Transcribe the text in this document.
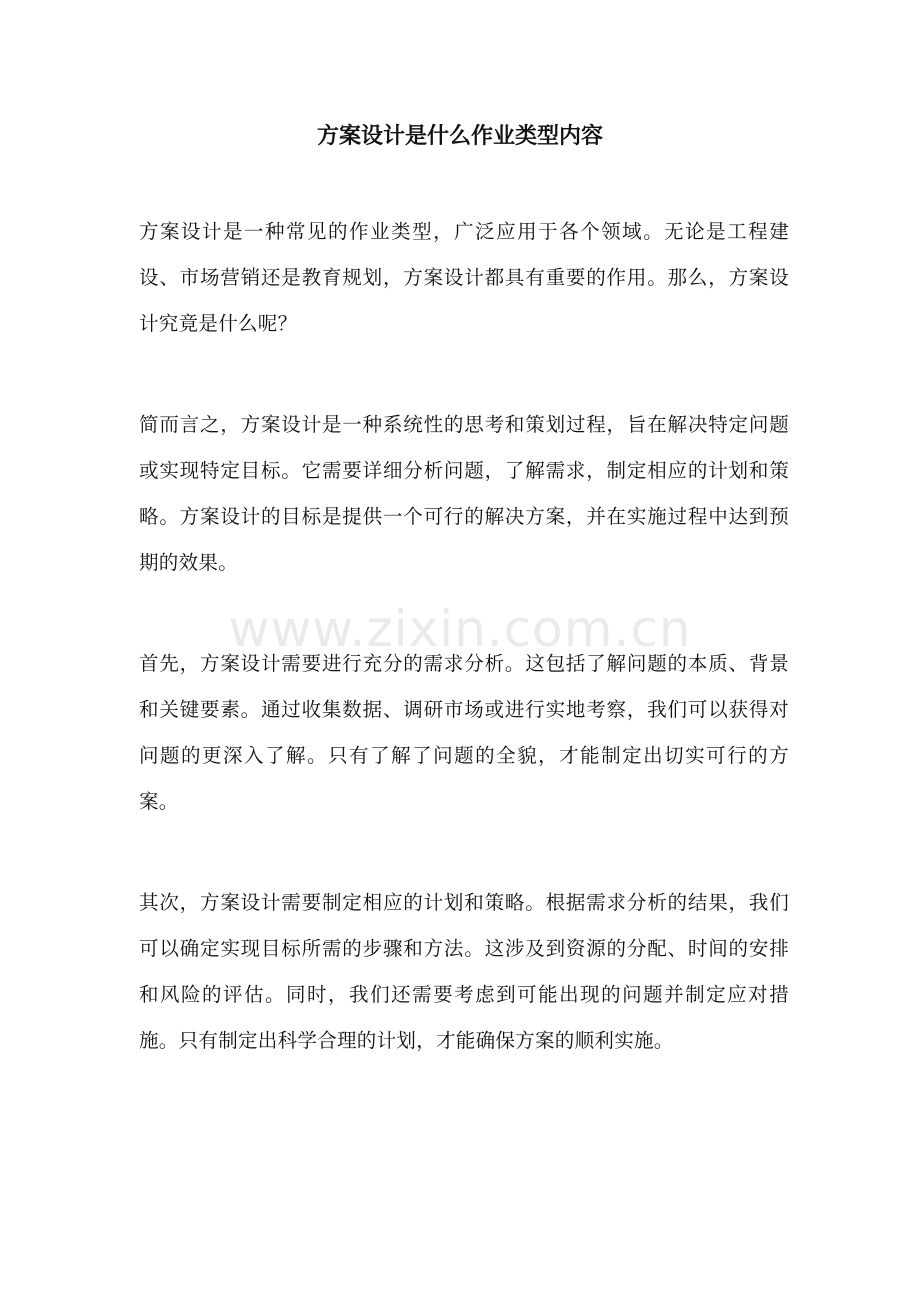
方案设计是什么作业类型内容

方案设计是一种常见的作业类型，广泛应用于各个领域。无论是工程建设、市场营销还是教育规划，方案设计都具有重要的作用。那么，方案设计究竟是什么呢？

简而言之，方案设计是一种系统性的思考和策划过程，旨在解决特定问题或实现特定目标。它需要详细分析问题，了解需求，制定相应的计划和策略。方案设计的目标是提供一个可行的解决方案，并在实施过程中达到预期的效果。

首先，方案设计需要进行充分的需求分析。这包括了解问题的本质、背景和关键要素。通过收集数据、调研市场或进行实地考察，我们可以获得对问题的更深入了解。只有了解了问题的全貌，才能制定出切实可行的方案。

其次，方案设计需要制定相应的计划和策略。根据需求分析的结果，我们可以确定实现目标所需的步骤和方法。这涉及到资源的分配、时间的安排和风险的评估。同时，我们还需要考虑到可能出现的问题并制定应对措施。只有制定出科学合理的计划，才能确保方案的顺利实施。

www.zixin.com.cn
